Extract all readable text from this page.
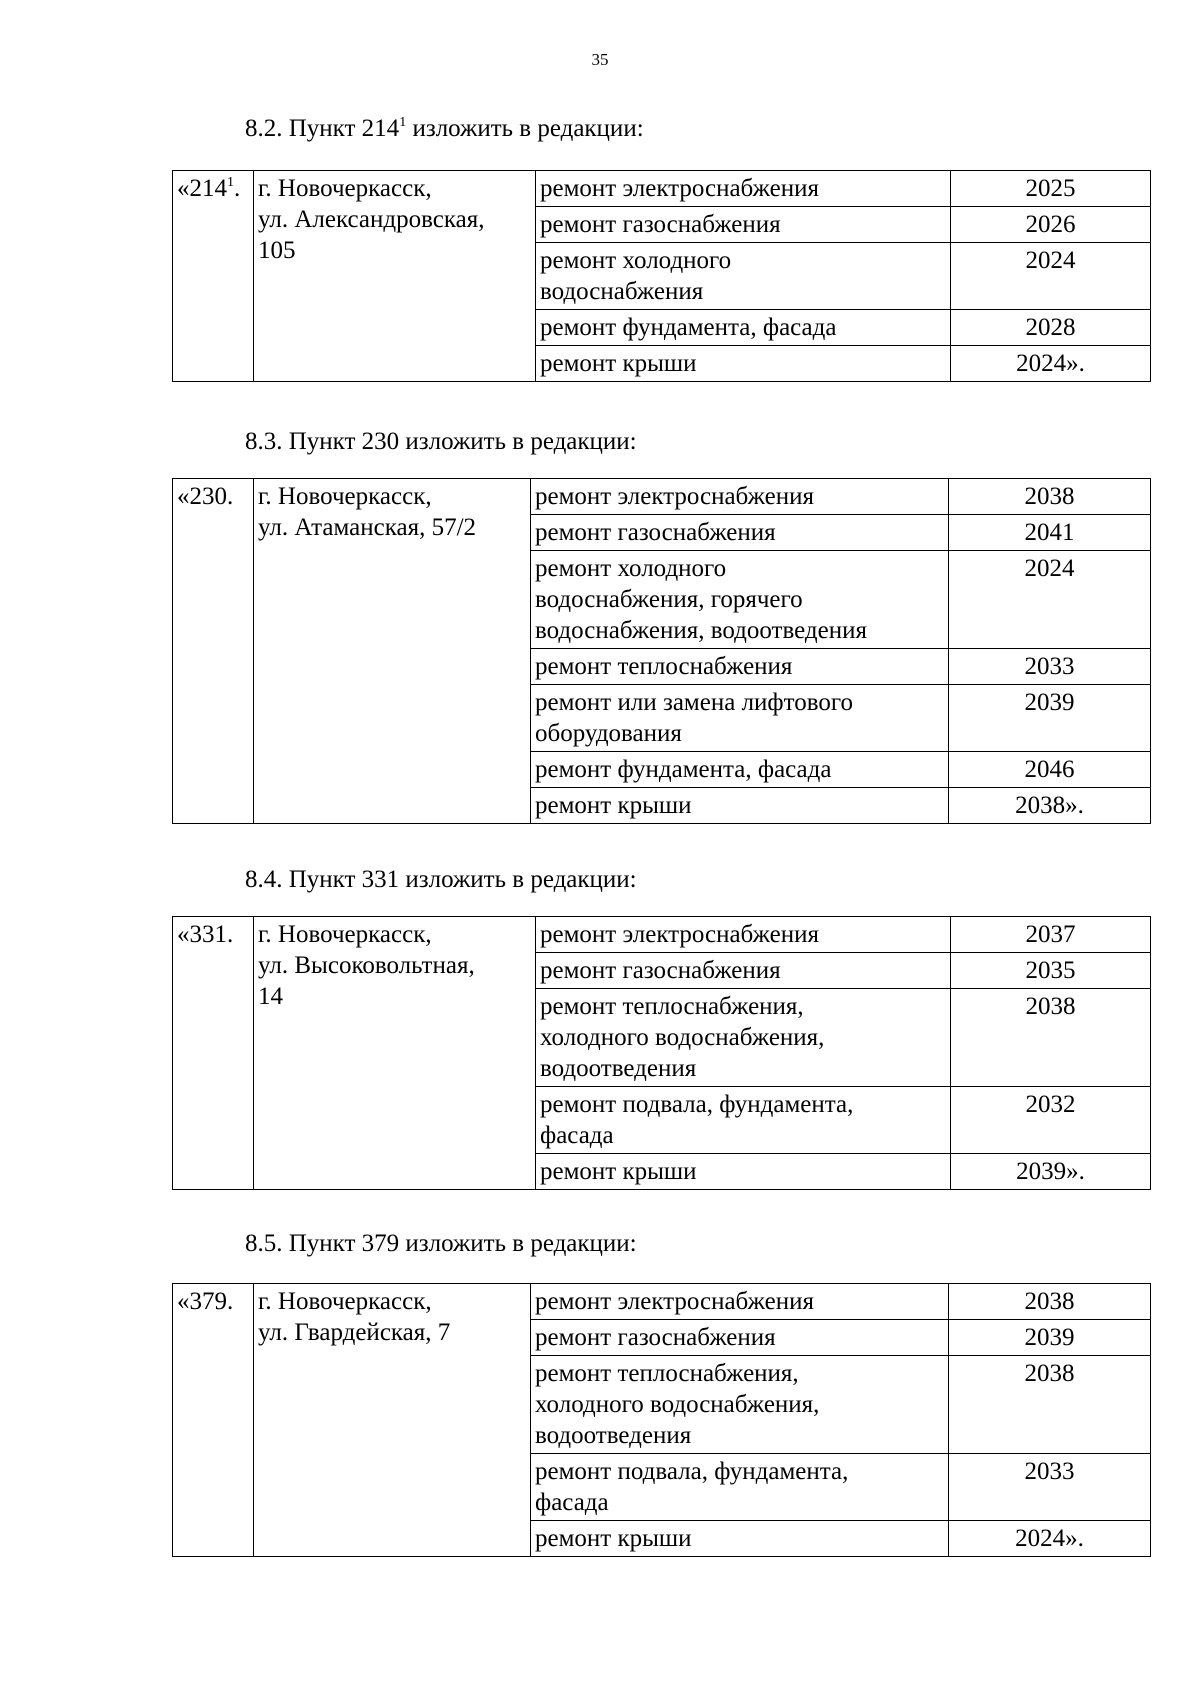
35
8.2. Пункт $214^1$ изложить в редакции:
«$214^1$.	г. Новочеркасск,
ул. Александровская,
105	ремонт электроснабжения	2025

		ремонт газоснабжения	2026

		ремонт холодного
водоснабжения	2024

		ремонт фундамента, фасада	2028

		ремонт крыши	2024».
8.3. Пункт 230 изложить в редакции:
«230.	г. Новочеркасск,
ул. Атаманская, 57/2	ремонт электроснабжения	2038

		ремонт газоснабжения	2041

		ремонт холодного
водоснабжения, горячего
водоснабжения, водоотведения	2024

		ремонт теплоснабжения	2033

		ремонт или замена лифтового
оборудования	2039

		ремонт фундамента, фасада	2046

		ремонт крыши	2038».
8.4. Пункт 331 изложить в редакции:
«331.	г. Новочеркасск,
ул. Высоковольтная,
14	ремонт электроснабжения	2037

		ремонт газоснабжения	2035

		ремонт теплоснабжения,
холодного водоснабжения,
водоотведения	2038

		ремонт подвала, фундамента,
фасада	2032

		ремонт крыши	2039».
8.5. Пункт 379 изложить в редакции:
«379.	г. Новочеркасск,
ул. Гвардейская, 7	ремонт электроснабжения	2038

		ремонт газоснабжения	2039

		ремонт теплоснабжения,
холодного водоснабжения,
водоотведения	2038

		ремонт подвала, фундамента,
фасада	2033

		ремонт крыши	2024».
